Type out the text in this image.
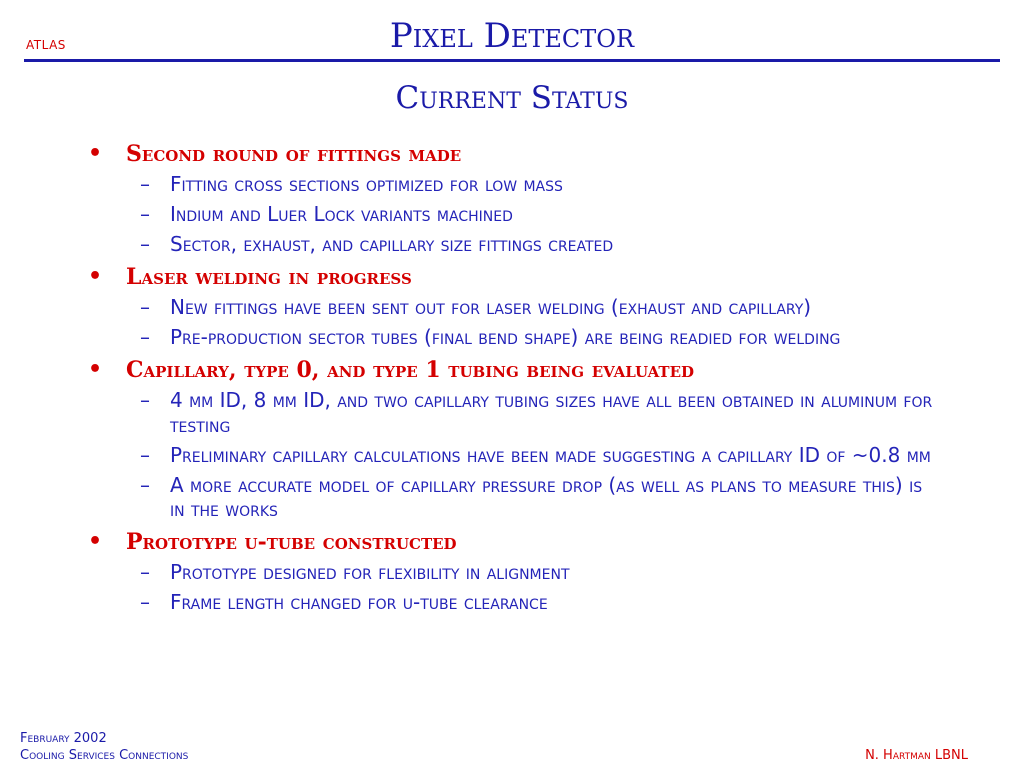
atlas	Pixel Detector
Current Status
• Second round of fittings made
– Fitting cross sections optimized for low mass
– Indium and Luer Lock variants machined
– Sector, exhaust, and capillary size fittings created
• Laser welding in progress
– New fittings have been sent out for laser welding (exhaust and capillary)
– Pre-production sector tubes (final bend shape) are being readied for welding
• Capillary, type 0, and type 1 tubing being evaluated
– 4 mm ID, 8 mm ID, and two capillary tubing sizes have all been obtained in aluminum for testing
– Preliminary capillary calculations have been made suggesting a capillary ID of ~0.8 mm
– A more accurate model of capillary pressure drop (as well as plans to measure this) is in the works
• Prototype u-tube constructed
– Prototype designed for flexibility in alignment
– Frame length changed for u-tube clearance
February 2002
Cooling Services Connections	N. Hartman LBNL
